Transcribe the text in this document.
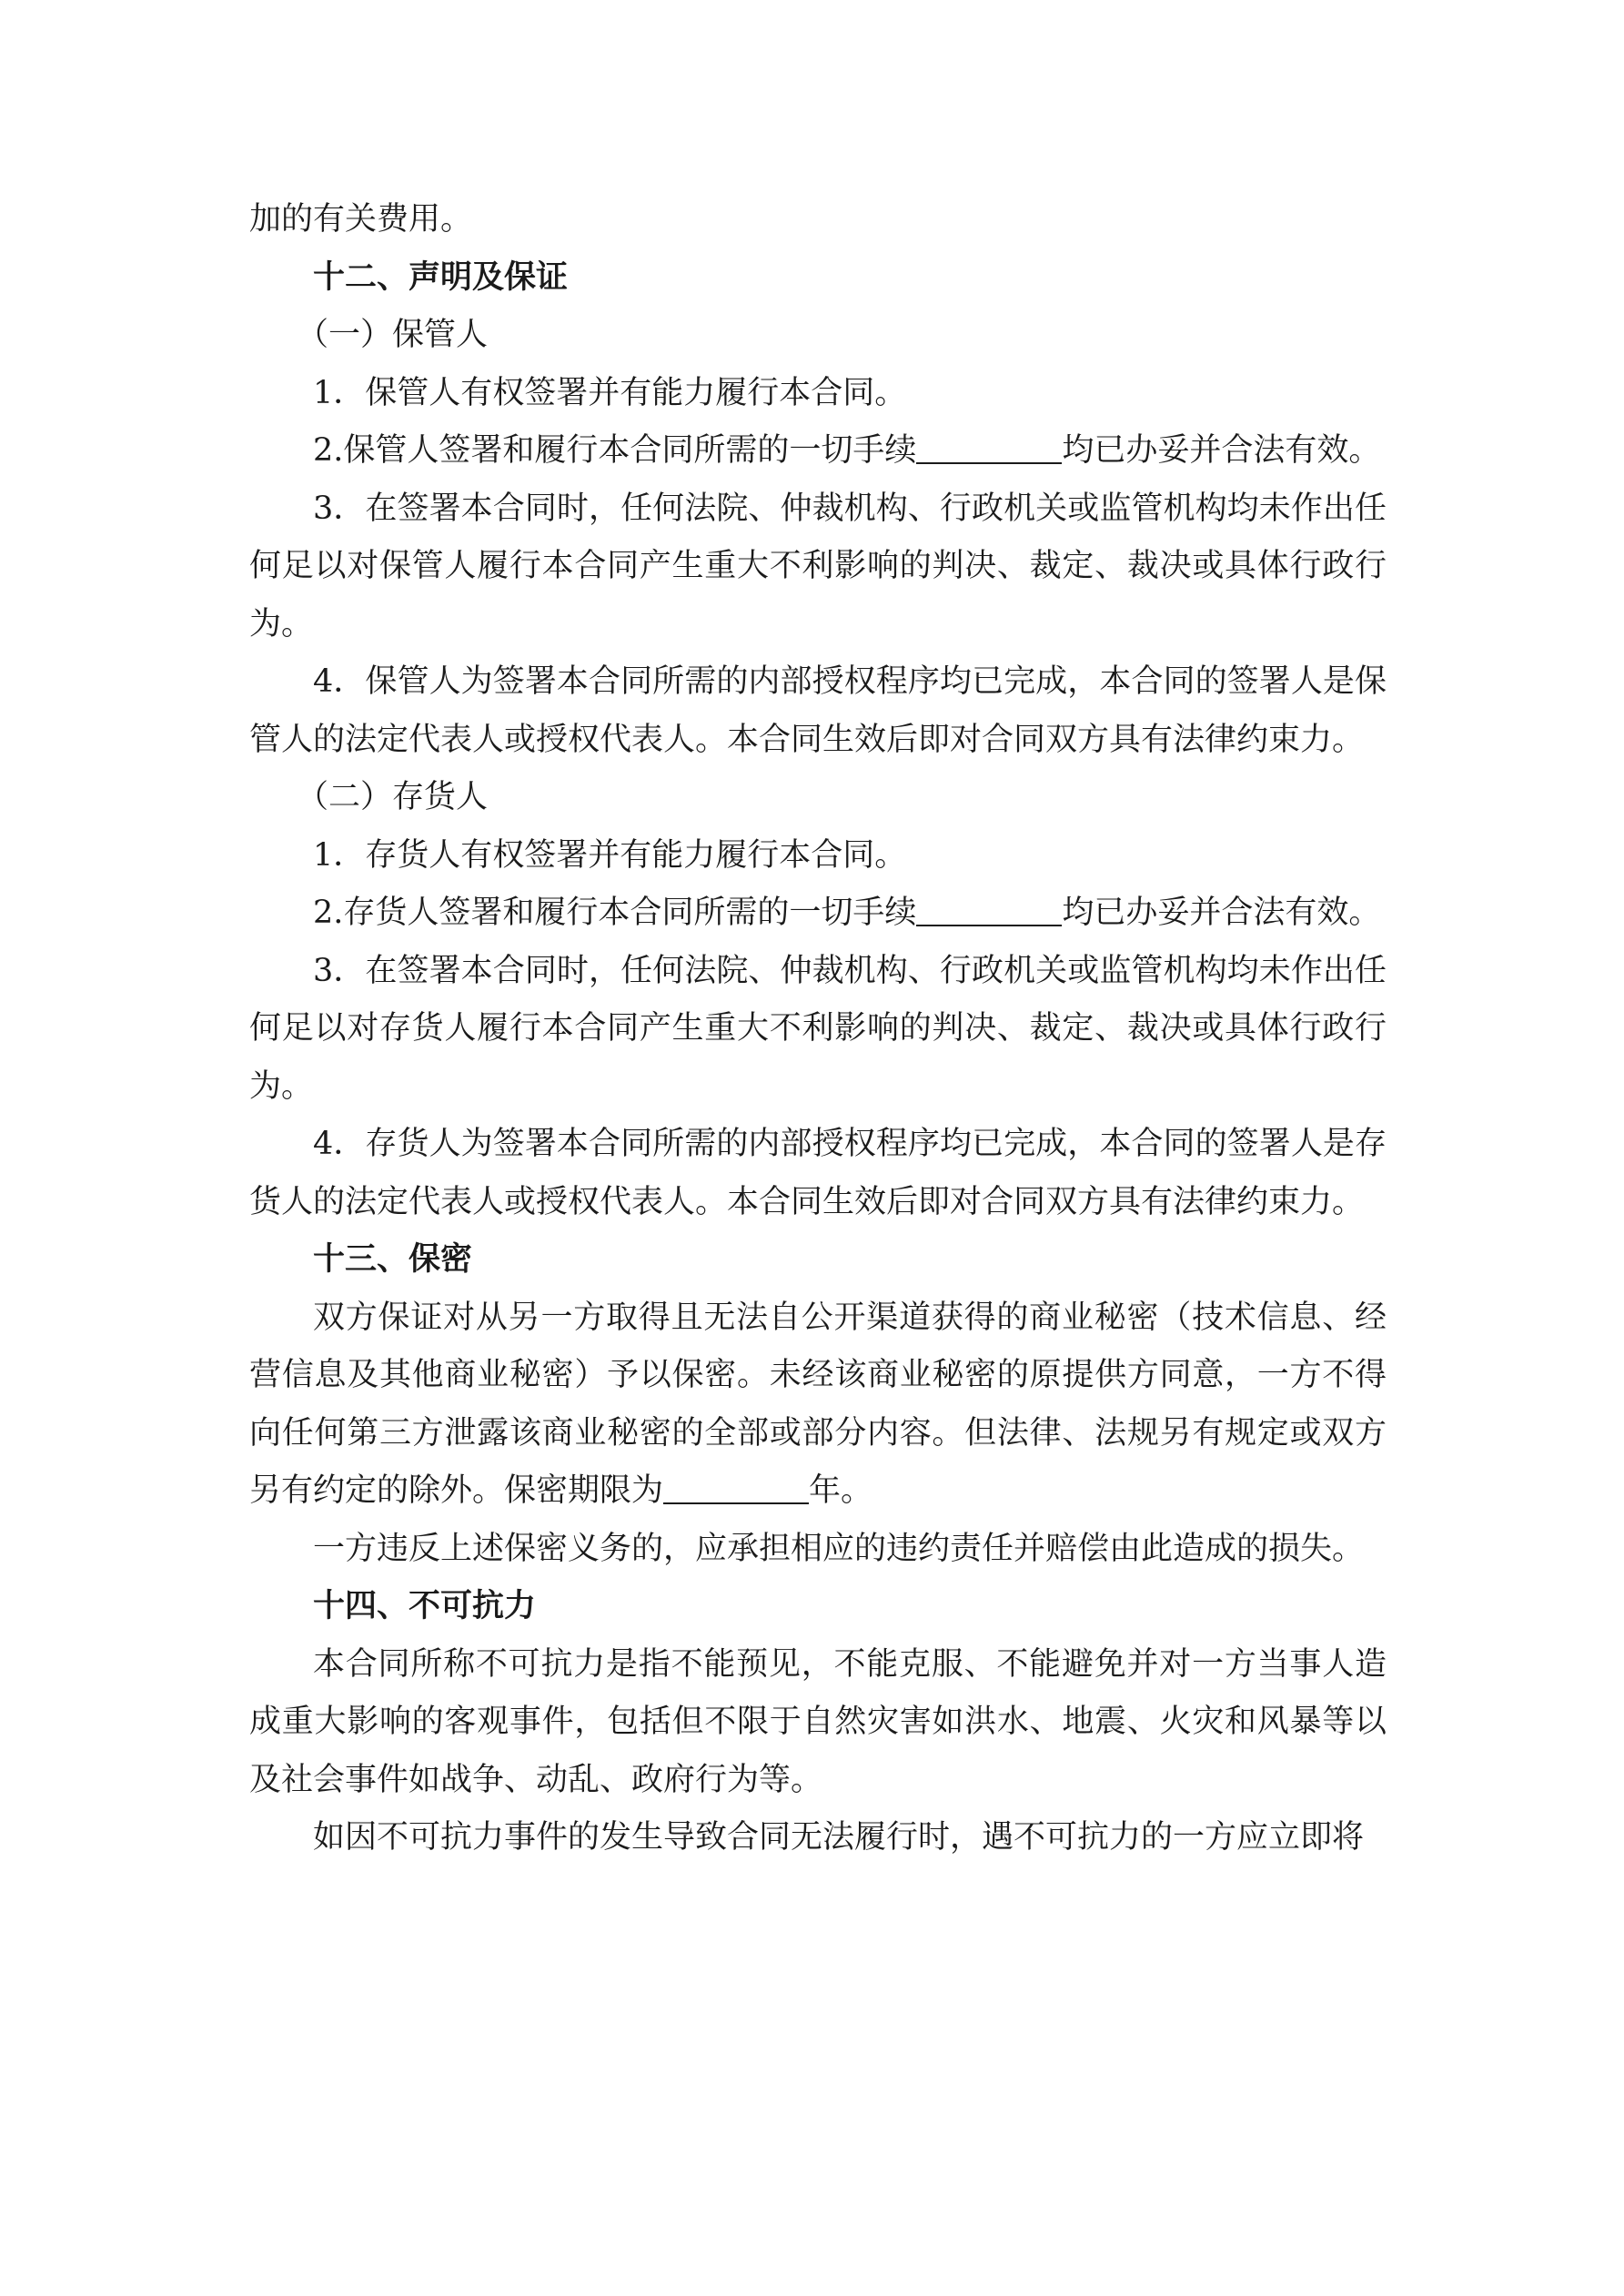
加的有关费用。

十二、声明及保证

（一）保管人

1．保管人有权签署并有能力履行本合同。

2.保管人签署和履行本合同所需的一切手续	均已办妥并合法有效。

3．在签署本合同时，任何法院、仲裁机构、行政机关或监管机构均未作出任何足以对保管人履行本合同产生重大不利影响的判决、裁定、裁决或具体行政行为。

4．保管人为签署本合同所需的内部授权程序均已完成，本合同的签署人是保管人的法定代表人或授权代表人。本合同生效后即对合同双方具有法律约束力。

（二）存货人

1．存货人有权签署并有能力履行本合同。

2.存货人签署和履行本合同所需的一切手续	均已办妥并合法有效。

3．在签署本合同时，任何法院、仲裁机构、行政机关或监管机构均未作出任何足以对存货人履行本合同产生重大不利影响的判决、裁定、裁决或具体行政行为。

4．存货人为签署本合同所需的内部授权程序均已完成，本合同的签署人是存货人的法定代表人或授权代表人。本合同生效后即对合同双方具有法律约束力。

十三、保密

双方保证对从另一方取得且无法自公开渠道获得的商业秘密（技术信息、经营信息及其他商业秘密）予以保密。未经该商业秘密的原提供方同意，一方不得向任何第三方泄露该商业秘密的全部或部分内容。但法律、法规另有规定或双方另有约定的除外。保密期限为	年。

一方违反上述保密义务的，应承担相应的违约责任并赔偿由此造成的损失。

十四、不可抗力

本合同所称不可抗力是指不能预见，不能克服、不能避免并对一方当事人造成重大影响的客观事件，包括但不限于自然灾害如洪水、地震、火灾和风暴等以及社会事件如战争、动乱、政府行为等。

如因不可抗力事件的发生导致合同无法履行时，遇不可抗力的一方应立即将
